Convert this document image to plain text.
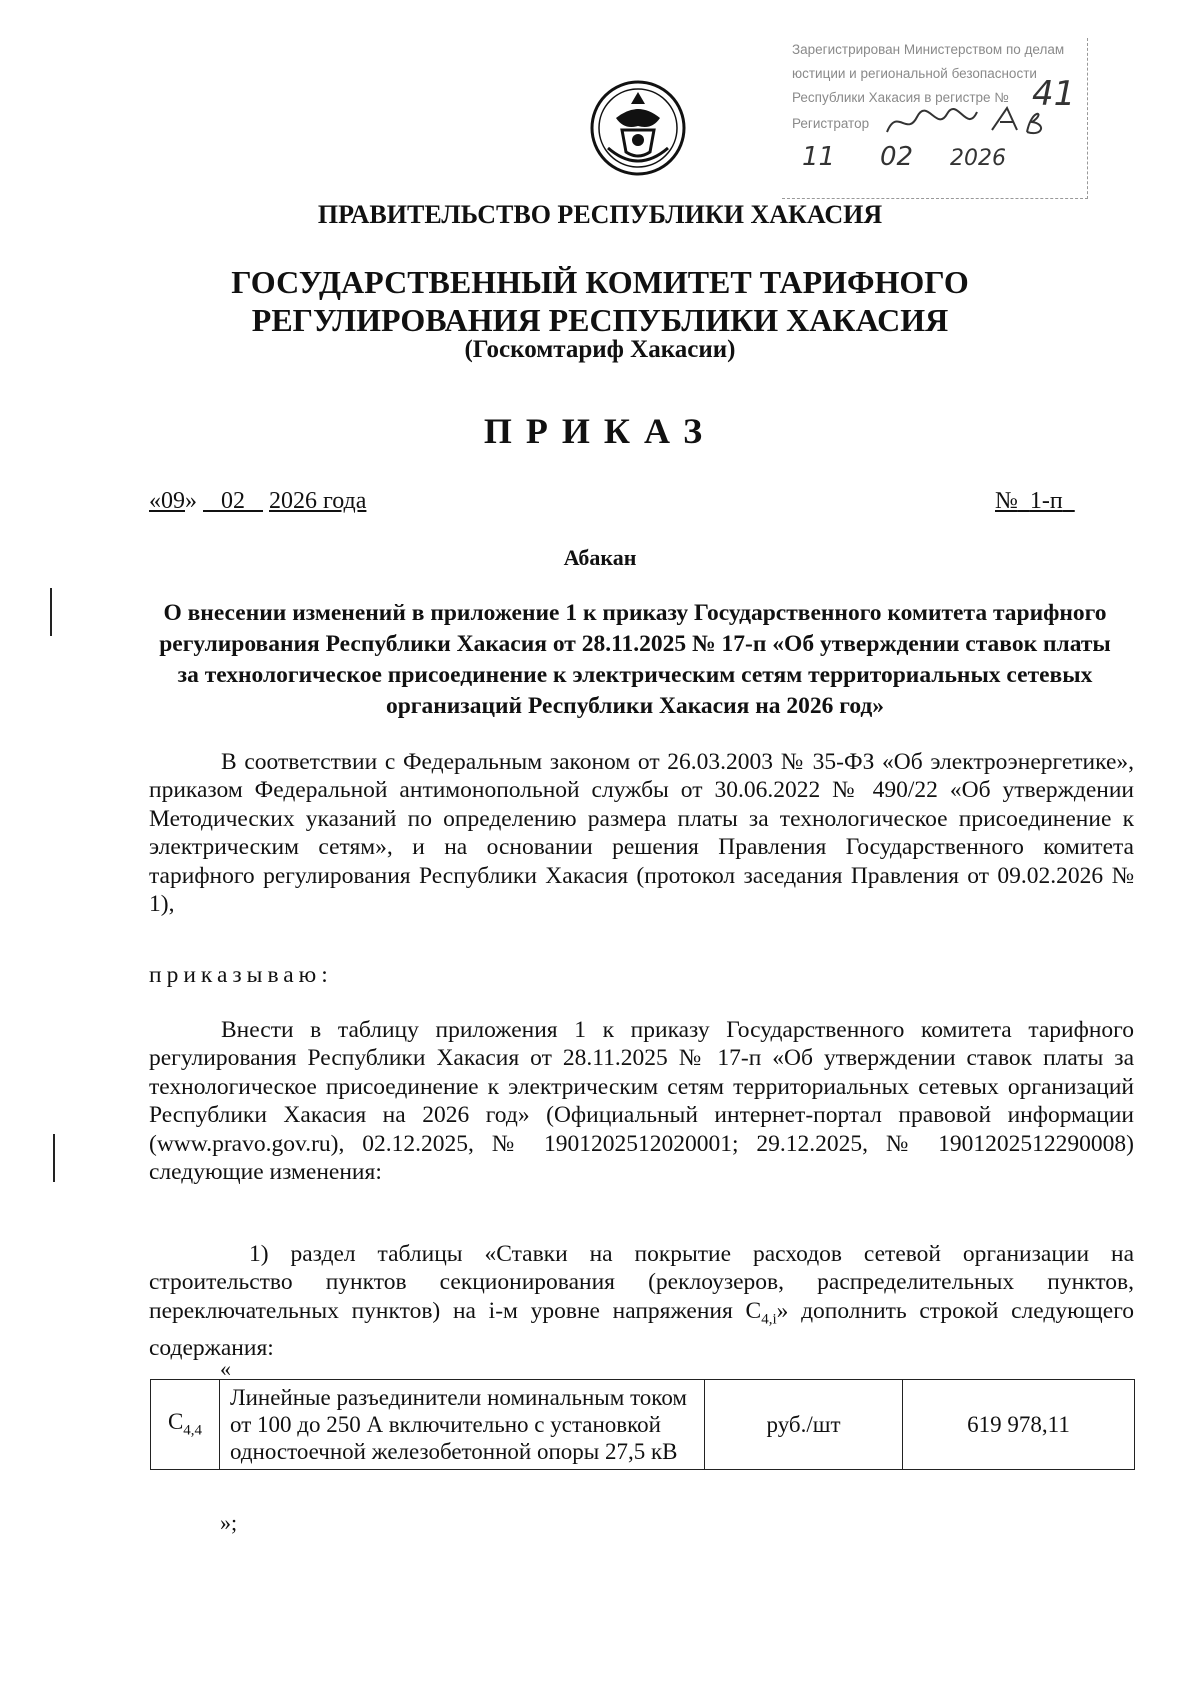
Зарегистрирован Министерством по делам
юстиции и региональной безопасности
Республики Хакасия в регистре № 41
Регистратор
11 02 2026
ПРАВИТЕЛЬСТВО РЕСПУБЛИКИ ХАКАСИЯ
ГОСУДАРСТВЕННЫЙ КОМИТЕТ ТАРИФНОГО
РЕГУЛИРОВАНИЯ РЕСПУБЛИКИ ХАКАСИЯ
(Госкомтариф Хакасии)
ПРИКАЗ
«09» 02 2026 года	№ 1-п
Абакан
О внесении изменений в приложение 1 к приказу Государственного комитета тарифного регулирования Республики Хакасия от 28.11.2025 № 17-п «Об утверждении ставок платы за технологическое присоединение к электрическим сетям территориальных сетевых организаций Республики Хакасия на 2026 год»
В соответствии с Федеральным законом от 26.03.2003 № 35-ФЗ «Об электроэнергетике», приказом Федеральной антимонопольной службы от 30.06.2022 № 490/22 «Об утверждении Методических указаний по определению размера платы за технологическое присоединение к электрическим сетям», и на основании решения Правления Государственного комитета тарифного регулирования Республики Хакасия (протокол заседания Правления от 09.02.2026 № 1),
приказываю:
Внести в таблицу приложения 1 к приказу Государственного комитета тарифного регулирования Республики Хакасия от 28.11.2025 № 17-п «Об утверждении ставок платы за технологическое присоединение к электрическим сетям территориальных сетевых организаций Республики Хакасия на 2026 год» (Официальный интернет-портал правовой информации (www.pravo.gov.ru), 02.12.2025, № 1901202512020001; 29.12.2025, № 1901202512290008) следующие изменения:
1) раздел таблицы «Ставки на покрытие расходов сетевой организации на строительство пунктов секционирования (реклоузеров, распределительных пунктов, переключательных пунктов) на i-м уровне напряжения $С_{4,i}$» дополнить строкой следующего содержания:
«
$С_{4,4}$	Линейные разъединители номинальным током от 100 до 250 А включительно с установкой одностоечной железобетонной опоры 27,5 кВ	руб./шт	619 978,11
»;
